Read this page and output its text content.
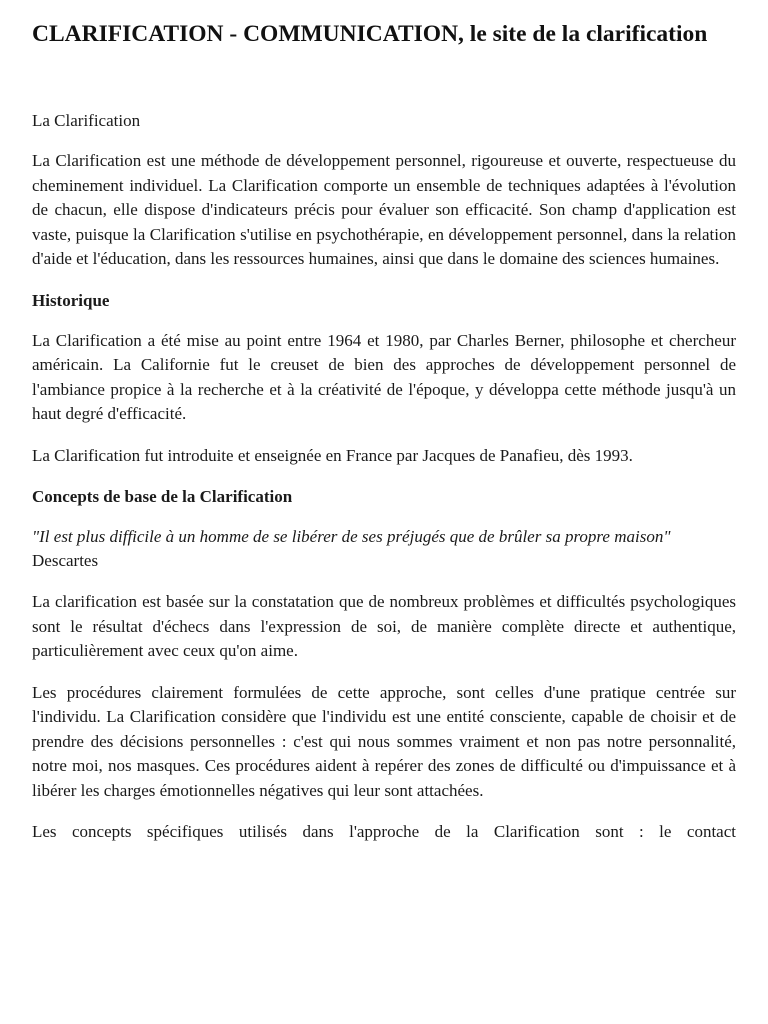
CLARIFICATION - COMMUNICATION, le site de la clarification

La Clarification

La Clarification est une méthode de développement personnel, rigoureuse et ouverte, respectueuse du cheminement individuel. La Clarification comporte un ensemble de techniques adaptées à l'évolution de chacun, elle dispose d'indicateurs précis pour évaluer son efficacité. Son champ d'application est vaste, puisque la Clarification s'utilise en psychothérapie, en développement personnel, dans la relation d'aide et l'éducation, dans les ressources humaines, ainsi que dans le domaine des sciences humaines.

Historique

La Clarification a été mise au point entre 1964 et 1980, par Charles Berner, philosophe et chercheur américain. La Californie fut le creuset de bien des approches de développement personnel de l'ambiance propice à la recherche et à la créativité de l'époque, y développa cette méthode jusqu'à un haut degré d'efficacité.

La Clarification fut introduite et enseignée en France par Jacques de Panafieu, dès 1993.

Concepts de base de la Clarification

"Il est plus difficile à un homme de se libérer de ses préjugés que de brûler sa propre maison"

Descartes

La clarification est basée sur la constatation que de nombreux problèmes et difficultés psychologiques sont le résultat d'échecs dans l'expression de soi, de manière complète directe et authentique, particulièrement avec ceux qu'on aime.

Les procédures clairement formulées de cette approche, sont celles d'une pratique centrée sur l'individu. La Clarification considère que l'individu est une entité consciente, capable de choisir et de prendre des décisions personnelles : c'est qui nous sommes vraiment et non pas notre personnalité, notre moi, nos masques. Ces procédures aident à repérer des zones de difficulté ou d'impuissance et à libérer les charges émotionnelles négatives qui leur sont attachées.

Les concepts spécifiques utilisés dans l'approche de la Clarification sont : le contact
